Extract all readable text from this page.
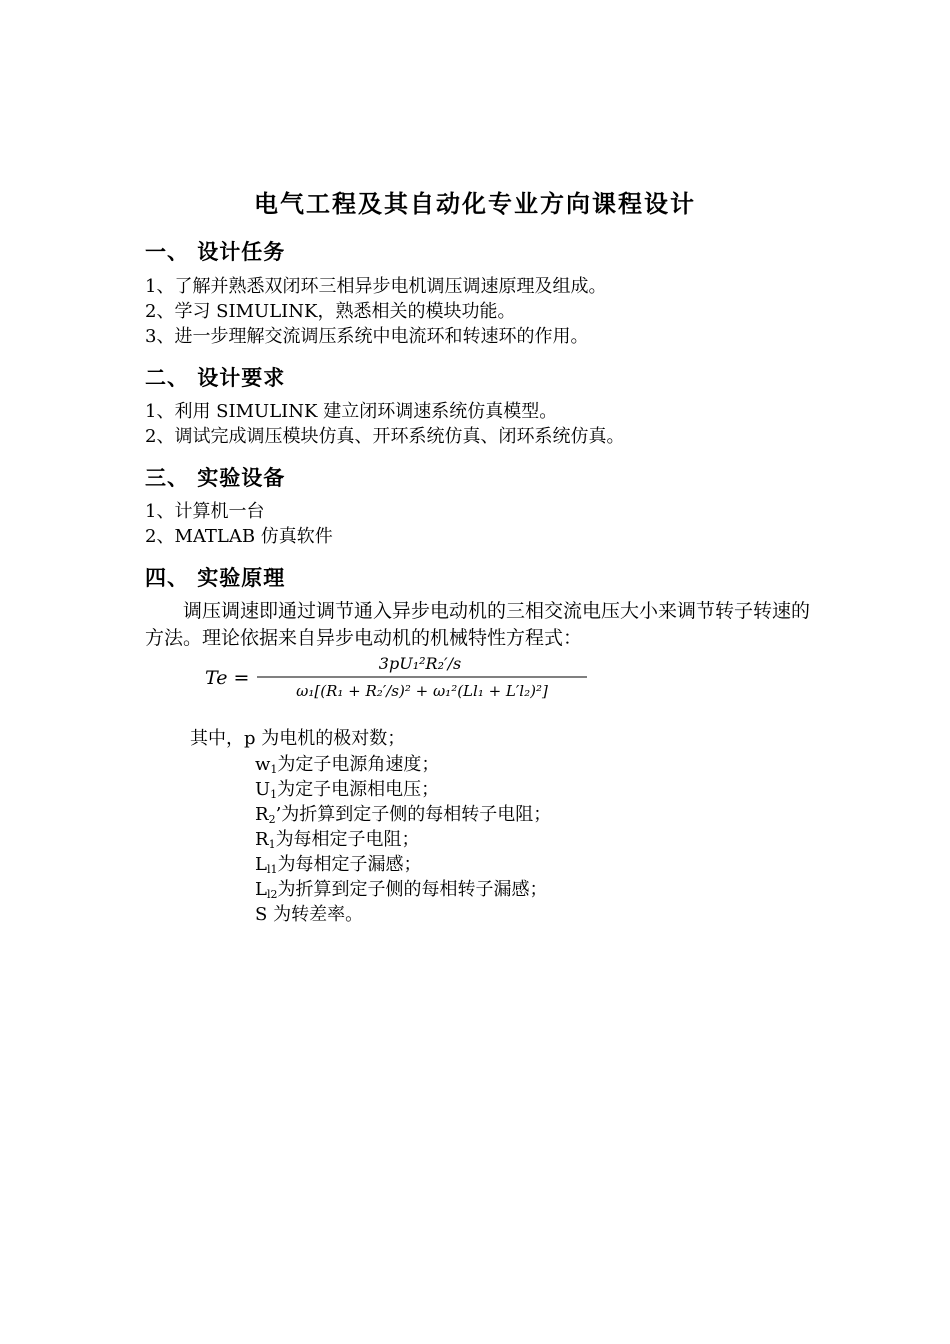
电气工程及其自动化专业方向课程设计
一、 设计任务
1、了解并熟悉双闭环三相异步电机调压调速原理及组成。
2、学习 SIMULINK，熟悉相关的模块功能。
3、进一步理解交流调压系统中电流环和转速环的作用。
二、 设计要求
1、利用 SIMULINK 建立闭环调速系统仿真模型。
2、调试完成调压模块仿真、开环系统仿真、闭环系统仿真。
三、 实验设备
1、计算机一台
2、MATLAB 仿真软件
四、 实验原理
调压调速即通过调节通入异步电动机的三相交流电压大小来调节转子转速的方法。理论依据来自异步电动机的机械特性方程式：
Te =
3pU₁²R₂′/s
ω₁[(R₁ + R₂′/s)² + ω₁²(Ll₁ + L′l₂)²]
其中，p 为电机的极对数；
$w_1$为定子电源角速度；
$U_1$为定子电源相电压；
$R_2$’为折算到定子侧的每相转子电阻；
$R_1$为每相定子电阻；
$L_{l1}$为每相定子漏感；
$L_{l2}$为折算到定子侧的每相转子漏感；
S 为转差率。
